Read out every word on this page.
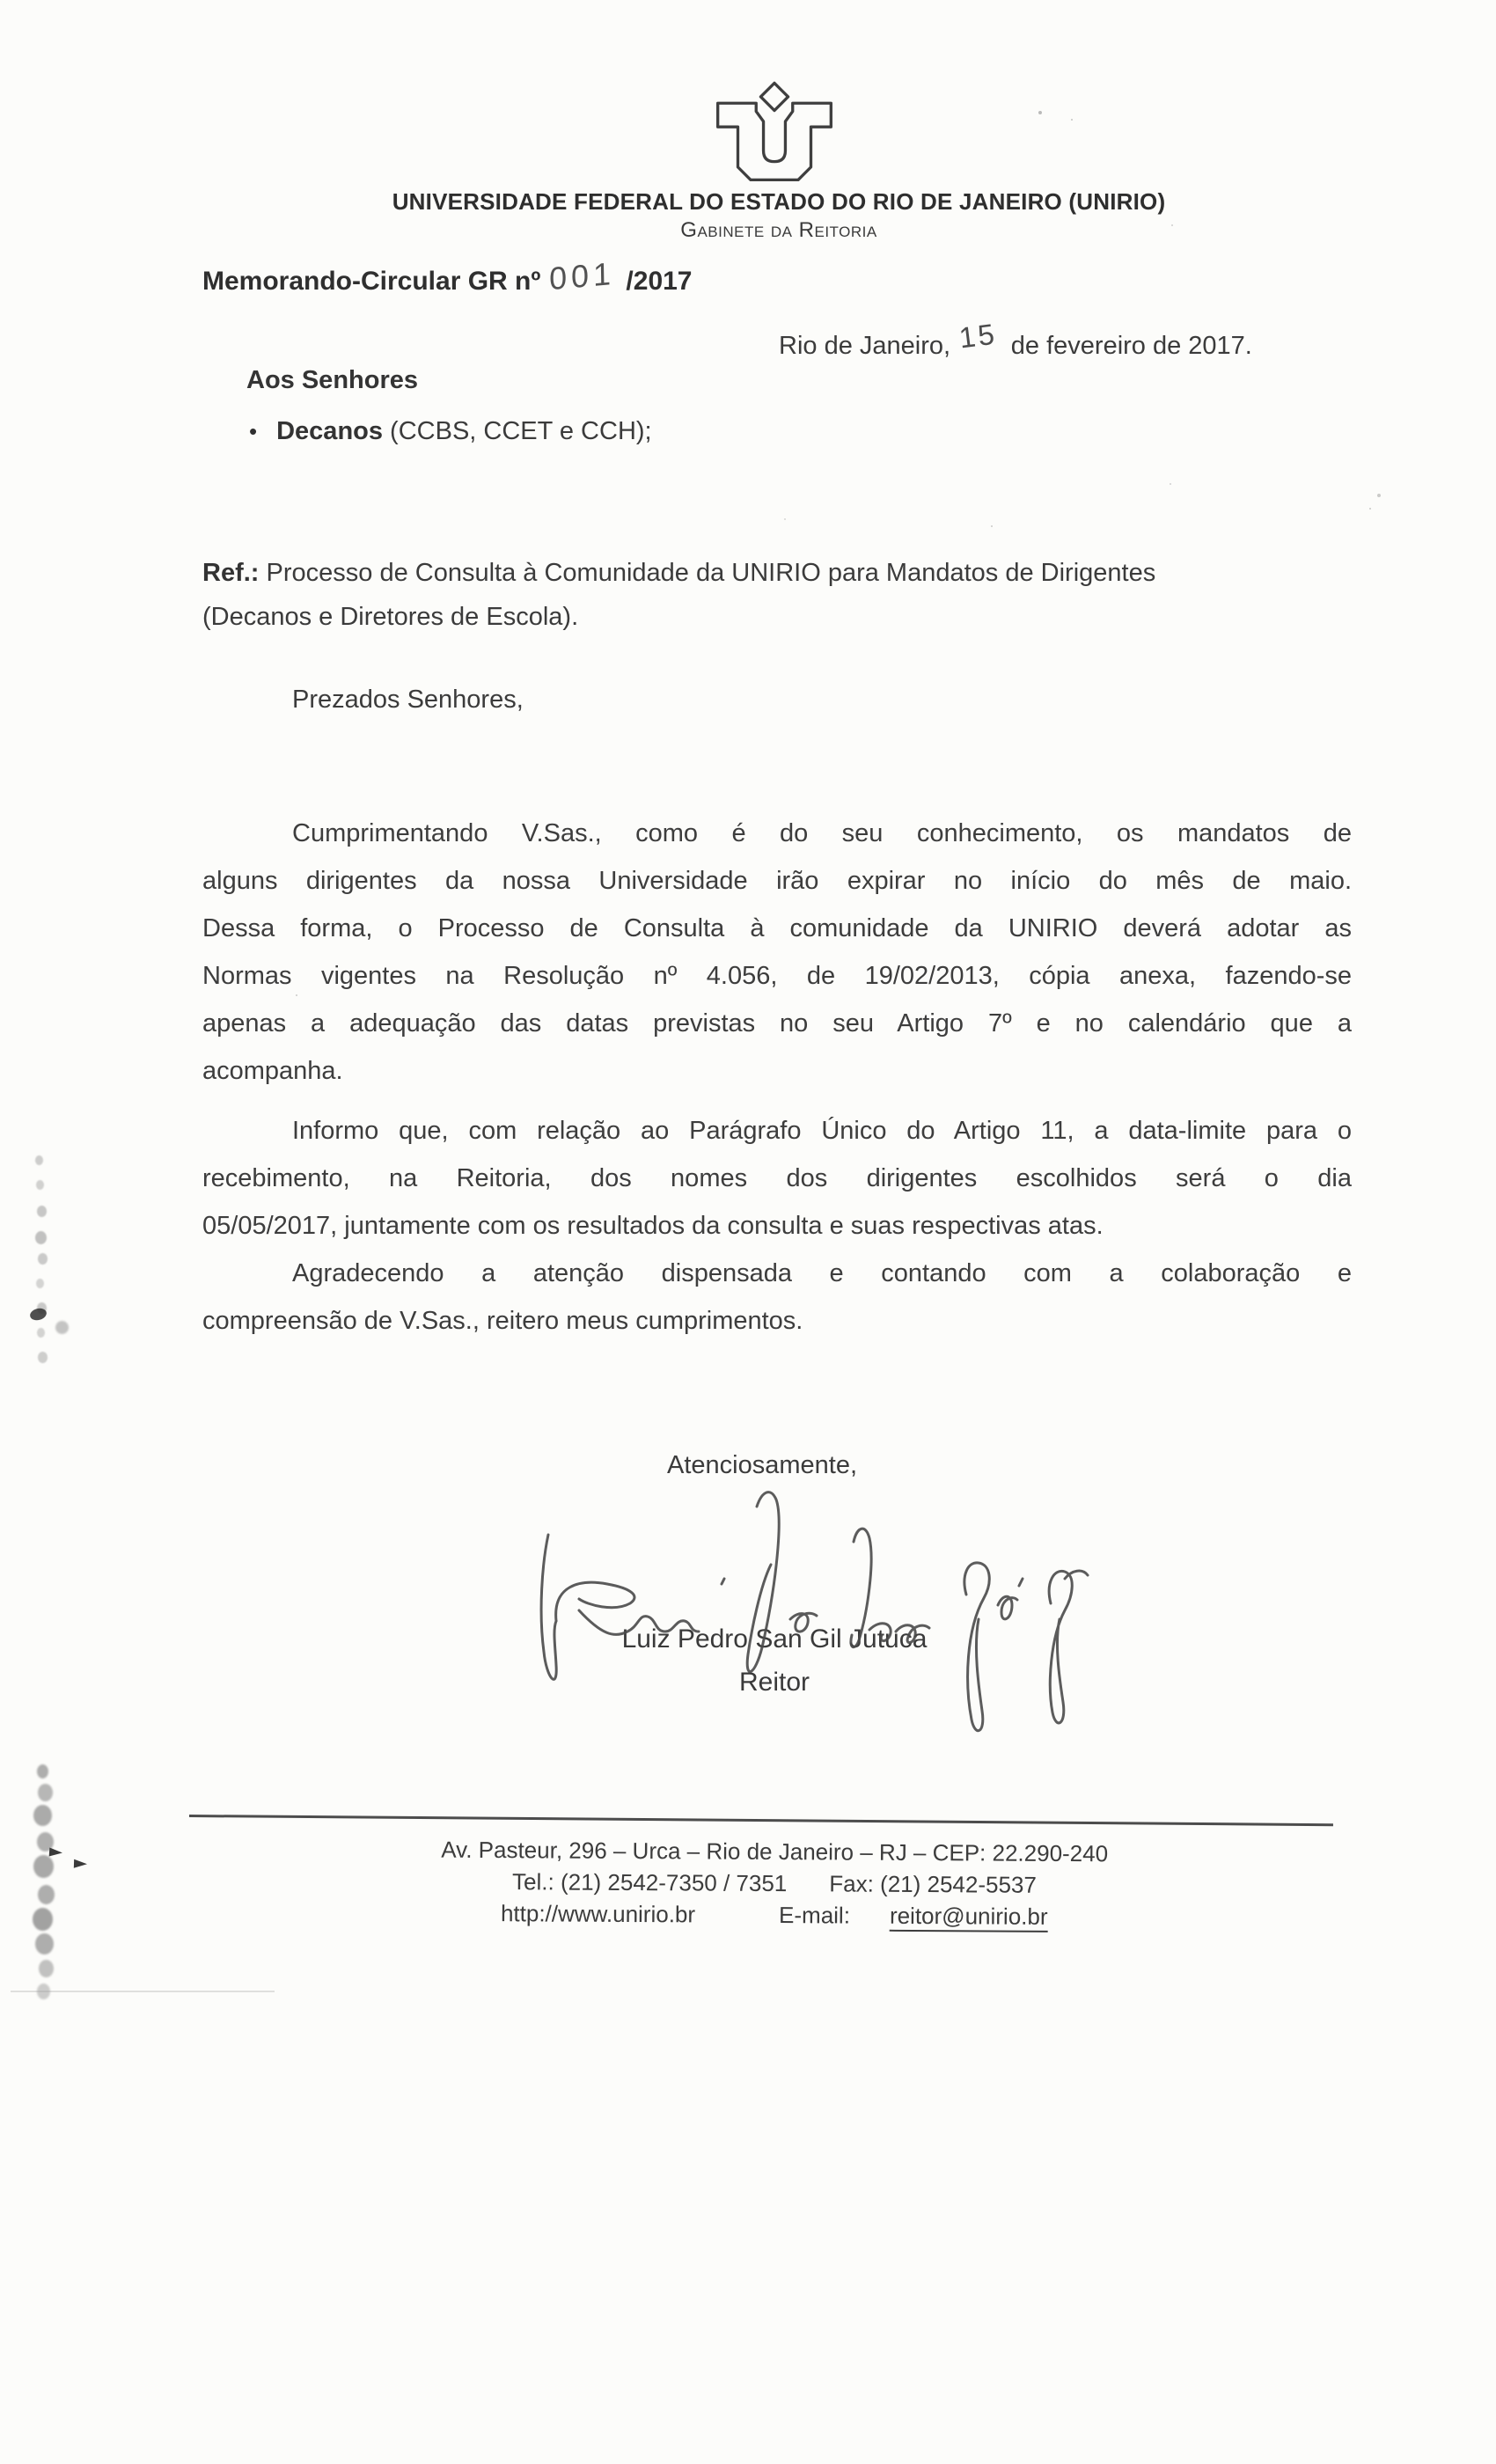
UNIVERSIDADE FEDERAL DO ESTADO DO RIO DE JANEIRO (UNIRIO)
Gabinete da Reitoria
Memorando-Circular GR nº 001 /2017
Rio de Janeiro, 15 de fevereiro de 2017.
Aos Senhores
• Decanos (CCBS, CCET e CCH);
Ref.: Processo de Consulta à Comunidade da UNIRIO para Mandatos de Dirigentes
(Decanos e Diretores de Escola).
Prezados Senhores,
Cumprimentando V.Sas., como é do seu conhecimento, os mandatos de
alguns dirigentes da nossa Universidade irão expirar no início do mês de maio.
Dessa forma, o Processo de Consulta à comunidade da UNIRIO deverá adotar as
Normas vigentes na Resolução nº 4.056, de 19/02/2013, cópia anexa, fazendo-se
apenas a adequação das datas previstas no seu Artigo 7º e no calendário que a
acompanha.
Informo que, com relação ao Parágrafo Único do Artigo 11, a data-limite para o
recebimento, na Reitoria, dos nomes dos dirigentes escolhidos será o dia
05/05/2017, juntamente com os resultados da consulta e suas respectivas atas.
Agradecendo a atenção dispensada e contando com a colaboração e
compreensão de V.Sas., reitero meus cumprimentos.
Atenciosamente,
Luiz Pedro San Gil Jutuca
Reitor
Av. Pasteur, 296 – Urca – Rio de Janeiro – RJ – CEP: 22.290-240
Tel.: (21) 2542-7350 / 7351 Fax: (21) 2542-5537
http://www.unirio.br	E-mail: reitor@unirio.br
